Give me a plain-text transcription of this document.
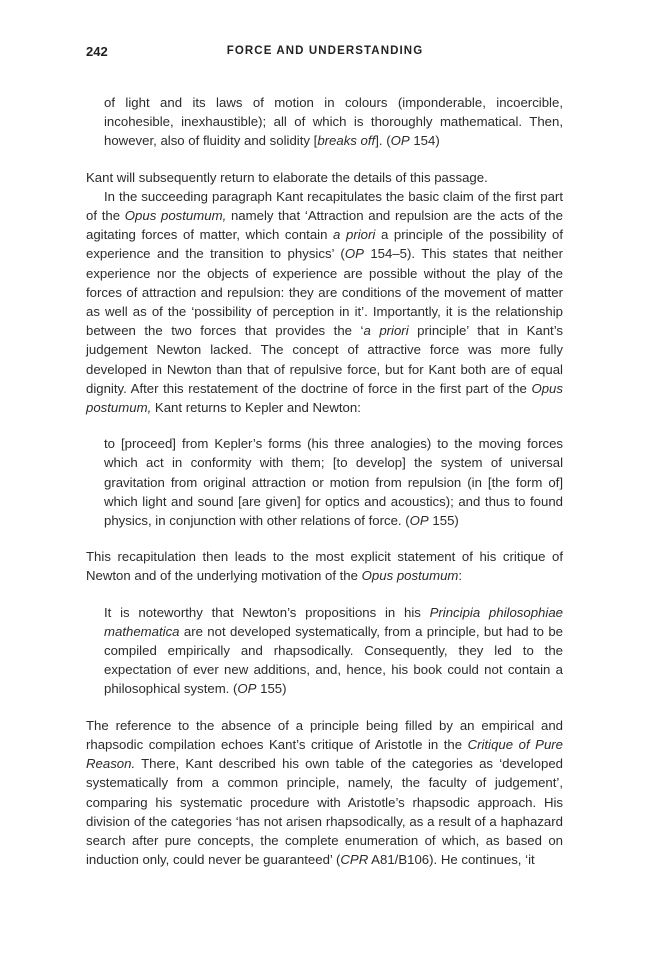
242	FORCE AND UNDERSTANDING

of light and its laws of motion in colours (imponderable, incoercible, incohesible, inexhaustible); all of which is thoroughly mathematical. Then, however, also of fluidity and solidity [breaks off]. (OP 154)

Kant will subsequently return to elaborate the details of this passage.

In the succeeding paragraph Kant recapitulates the basic claim of the first part of the Opus postumum, namely that ‘Attraction and repulsion are the acts of the agitating forces of matter, which contain a priori a principle of the possibility of experience and the transition to physics’ (OP 154–5). This states that neither experience nor the objects of experience are possible without the play of the forces of attraction and repulsion: they are conditions of the movement of matter as well as of the ‘possibility of perception in it’. Importantly, it is the relationship between the two forces that provides the ‘a priori principle’ that in Kant’s judgement Newton lacked. The concept of attractive force was more fully developed in Newton than that of repulsive force, but for Kant both are of equal dignity. After this restatement of the doctrine of force in the first part of the Opus postumum, Kant returns to Kepler and Newton:

to [proceed] from Kepler’s forms (his three analogies) to the moving forces which act in conformity with them; [to develop] the system of universal gravitation from original attraction or motion from repulsion (in [the form of] which light and sound [are given] for optics and acoustics); and thus to found physics, in conjunction with other relations of force. (OP 155)

This recapitulation then leads to the most explicit statement of his critique of Newton and of the underlying motivation of the Opus postumum:

It is noteworthy that Newton’s propositions in his Principia philosophiae mathematica are not developed systematically, from a principle, but had to be compiled empirically and rhapsodically. Consequently, they led to the expectation of ever new additions, and, hence, his book could not contain a philosophical system. (OP 155)

The reference to the absence of a principle being filled by an empirical and rhapsodic compilation echoes Kant’s critique of Aristotle in the Critique of Pure Reason. There, Kant described his own table of the categories as ‘developed systematically from a common principle, namely, the faculty of judgement’, comparing his systematic procedure with Aristotle’s rhapsodic approach. His division of the categories ‘has not arisen rhapsodically, as a result of a haphazard search after pure concepts, the complete enumeration of which, as based on induction only, could never be guaranteed’ (CPR A81/B106). He continues, ‘it
